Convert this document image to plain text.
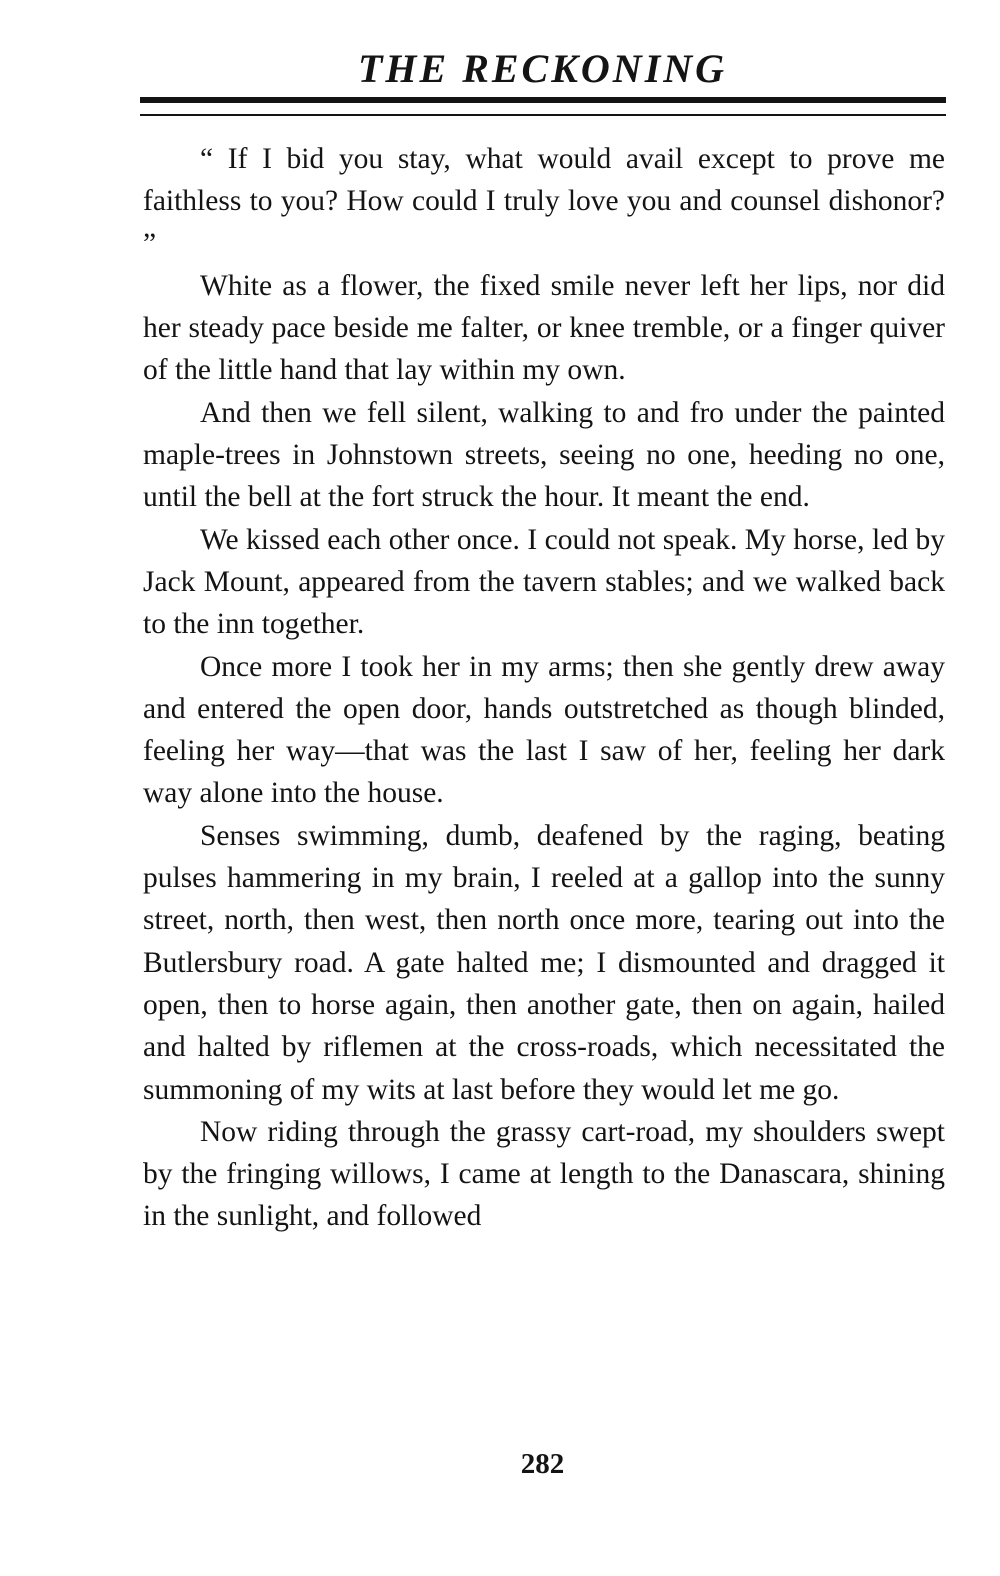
THE RECKONING

“ If I bid you stay, what would avail except to prove me faithless to you? How could I truly love you and counsel dishonor? ”

White as a flower, the fixed smile never left her lips, nor did her steady pace beside me falter, or knee tremble, or a finger quiver of the little hand that lay within my own.

And then we fell silent, walking to and fro under the painted maple-trees in Johnstown streets, seeing no one, heeding no one, until the bell at the fort struck the hour. It meant the end.

We kissed each other once. I could not speak. My horse, led by Jack Mount, appeared from the tavern stables; and we walked back to the inn together.

Once more I took her in my arms; then she gently drew away and entered the open door, hands outstretched as though blinded, feeling her way—that was the last I saw of her, feeling her dark way alone into the house.

Senses swimming, dumb, deafened by the raging, beating pulses hammering in my brain, I reeled at a gallop into the sunny street, north, then west, then north once more, tearing out into the Butlersbury road. A gate halted me; I dismounted and dragged it open, then to horse again, then another gate, then on again, hailed and halted by riflemen at the cross-roads, which necessitated the summoning of my wits at last before they would let me go.

Now riding through the grassy cart-road, my shoulders swept by the fringing willows, I came at length to the Danascara, shining in the sunlight, and followed

282
